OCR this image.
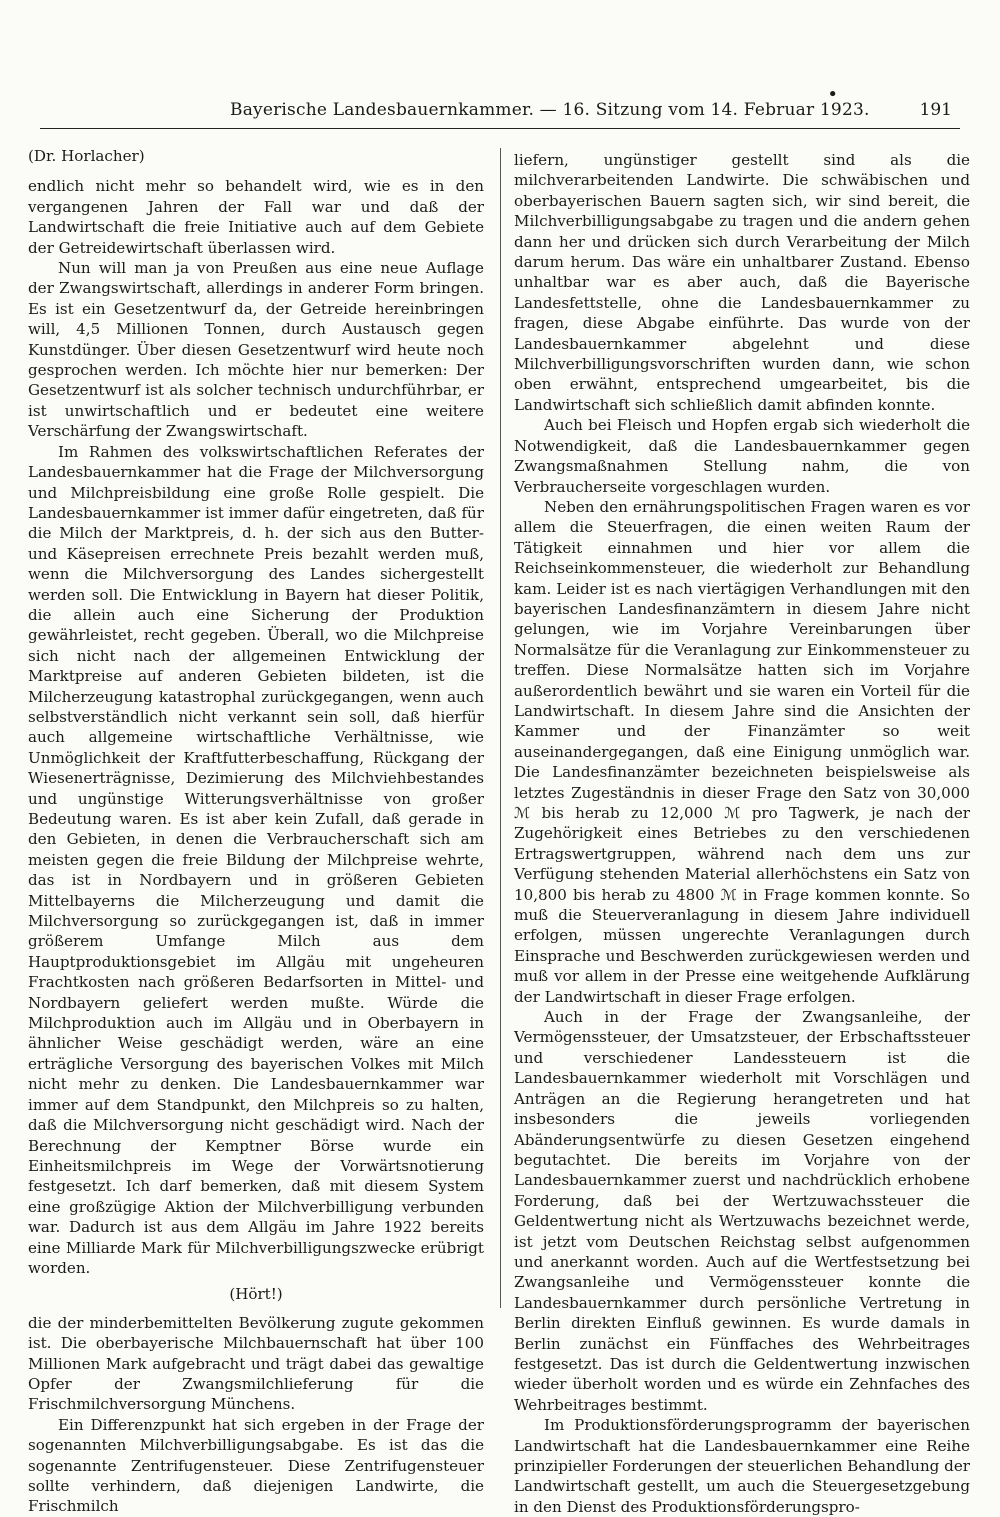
Bayerische Landesbauernkammer. — 16. Sitzung vom 14. Februar 1923.
•
191

(Dr. Horlacher)

endlich nicht mehr so behandelt wird, wie es in den vergangenen Jahren der Fall war und daß der Landwirtschaft die freie Initiative auch auf dem Gebiete der Getreidewirtschaft überlassen wird.

Nun will man ja von Preußen aus eine neue Auflage der Zwangswirtschaft, allerdings in anderer Form bringen. Es ist ein Gesetzentwurf da, der Getreide hereinbringen will, 4,5 Millionen Tonnen, durch Austausch gegen Kunstdünger. Über diesen Gesetzentwurf wird heute noch gesprochen werden. Ich möchte hier nur bemerken: Der Gesetzentwurf ist als solcher technisch undurchführbar, er ist unwirtschaftlich und er bedeutet eine weitere Verschärfung der Zwangswirtschaft.

Im Rahmen des volkswirtschaftlichen Referates der Landesbauernkammer hat die Frage der Milchversorgung und Milchpreisbildung eine große Rolle gespielt. Die Landesbauernkammer ist immer dafür eingetreten, daß für die Milch der Marktpreis, d. h. der sich aus den Butter- und Käsepreisen errechnete Preis bezahlt werden muß, wenn die Milchversorgung des Landes sichergestellt werden soll. Die Entwicklung in Bayern hat dieser Politik, die allein auch eine Sicherung der Produktion gewährleistet, recht gegeben. Überall, wo die Milchpreise sich nicht nach der allgemeinen Entwicklung der Marktpreise auf anderen Gebieten bildeten, ist die Milcherzeugung katastrophal zurückgegangen, wenn auch selbstverständlich nicht verkannt sein soll, daß hierfür auch allgemeine wirtschaftliche Verhältnisse, wie Unmöglichkeit der Kraftfutterbeschaffung, Rückgang der Wiesenerträgnisse, Dezimierung des Milchviehbestandes und ungünstige Witterungsverhältnisse von großer Bedeutung waren. Es ist aber kein Zufall, daß gerade in den Gebieten, in denen die Verbraucherschaft sich am meisten gegen die freie Bildung der Milchpreise wehrte, das ist in Nordbayern und in größeren Gebieten Mittelbayerns die Milcherzeugung und damit die Milchversorgung so zurückgegangen ist, daß in immer größerem Umfange Milch aus dem Hauptproduktionsgebiet im Allgäu mit ungeheuren Frachtkosten nach größeren Bedarfsorten in Mittel- und Nordbayern geliefert werden mußte. Würde die Milchproduktion auch im Allgäu und in Oberbayern in ähnlicher Weise geschädigt werden, wäre an eine erträgliche Versorgung des bayerischen Volkes mit Milch nicht mehr zu denken. Die Landesbauernkammer war immer auf dem Standpunkt, den Milchpreis so zu halten, daß die Milchversorgung nicht geschädigt wird. Nach der Berechnung der Kemptner Börse wurde ein Einheitsmilchpreis im Wege der Vorwärtsnotierung festgesetzt. Ich darf bemerken, daß mit diesem System eine großzügige Aktion der Milchverbilligung verbunden war. Dadurch ist aus dem Allgäu im Jahre 1922 bereits eine Milliarde Mark für Milchverbilligungszwecke erübrigt worden.

(Hört!)

die der minderbemittelten Bevölkerung zugute gekommen ist. Die oberbayerische Milchbauernschaft hat über 100 Millionen Mark aufgebracht und trägt dabei das gewaltige Opfer der Zwangsmilchlieferung für die Frischmilchversorgung Münchens.

Ein Differenzpunkt hat sich ergeben in der Frage der sogenannten Milchverbilligungsabgabe. Es ist das die sogenannte Zentrifugensteuer. Diese Zentrifugensteuer sollte verhindern, daß diejenigen Landwirte, die Frischmilch

liefern, ungünstiger gestellt sind als die milchverarbeitenden Landwirte. Die schwäbischen und oberbayerischen Bauern sagten sich, wir sind bereit, die Milchverbilligungsabgabe zu tragen und die andern gehen dann her und drücken sich durch Verarbeitung der Milch darum herum. Das wäre ein unhaltbarer Zustand. Ebenso unhaltbar war es aber auch, daß die Bayerische Landesfettstelle, ohne die Landesbauernkammer zu fragen, diese Abgabe einführte. Das wurde von der Landesbauernkammer abgelehnt und diese Milchverbilligungsvorschriften wurden dann, wie schon oben erwähnt, entsprechend umgearbeitet, bis die Landwirtschaft sich schließlich damit abfinden konnte.

Auch bei Fleisch und Hopfen ergab sich wiederholt die Notwendigkeit, daß die Landesbauernkammer gegen Zwangsmaßnahmen Stellung nahm, die von Verbraucherseite vorgeschlagen wurden.

Neben den ernährungspolitischen Fragen waren es vor allem die Steuerfragen, die einen weiten Raum der Tätigkeit einnahmen und hier vor allem die Reichseinkommensteuer, die wiederholt zur Behandlung kam. Leider ist es nach viertägigen Verhandlungen mit den bayerischen Landesfinanzämtern in diesem Jahre nicht gelungen, wie im Vorjahre Vereinbarungen über Normalsätze für die Veranlagung zur Einkommensteuer zu treffen. Diese Normalsätze hatten sich im Vorjahre außerordentlich bewährt und sie waren ein Vorteil für die Landwirtschaft. In diesem Jahre sind die Ansichten der Kammer und der Finanzämter so weit auseinandergegangen, daß eine Einigung unmöglich war. Die Landesfinanzämter bezeichneten beispielsweise als letztes Zugeständnis in dieser Frage den Satz von 30,000 ℳ bis herab zu 12,000 ℳ pro Tagwerk, je nach der Zugehörigkeit eines Betriebes zu den verschiedenen Ertragswertgruppen, während nach dem uns zur Verfügung stehenden Material allerhöchstens ein Satz von 10,800 bis herab zu 4800 ℳ in Frage kommen konnte. So muß die Steuerveranlagung in diesem Jahre individuell erfolgen, müssen ungerechte Veranlagungen durch Einsprache und Beschwerden zurückgewiesen werden und muß vor allem in der Presse eine weitgehende Aufklärung der Landwirtschaft in dieser Frage erfolgen.

Auch in der Frage der Zwangsanleihe, der Vermögenssteuer, der Umsatzsteuer, der Erbschaftssteuer und verschiedener Landessteuern ist die Landesbauernkammer wiederholt mit Vorschlägen und Anträgen an die Regierung herangetreten und hat insbesonders die jeweils vorliegenden Abänderungsentwürfe zu diesen Gesetzen eingehend begutachtet. Die bereits im Vorjahre von der Landesbauernkammer zuerst und nachdrücklich erhobene Forderung, daß bei der Wertzuwachssteuer die Geldentwertung nicht als Wertzuwachs bezeichnet werde, ist jetzt vom Deutschen Reichstag selbst aufgenommen und anerkannt worden. Auch auf die Wertfestsetzung bei Zwangsanleihe und Vermögenssteuer konnte die Landesbauernkammer durch persönliche Vertretung in Berlin direkten Einfluß gewinnen. Es wurde damals in Berlin zunächst ein Fünffaches des Wehrbeitrages festgesetzt. Das ist durch die Geldentwertung inzwischen wieder überholt worden und es würde ein Zehnfaches des Wehrbeitrages bestimmt.

Im Produktionsförderungsprogramm der bayerischen Landwirtschaft hat die Landesbauernkammer eine Reihe prinzipieller Forderungen der steuerlichen Behandlung der Landwirtschaft gestellt, um auch die Steuergesetzgebung in den Dienst des Produktionsförderungspro-
